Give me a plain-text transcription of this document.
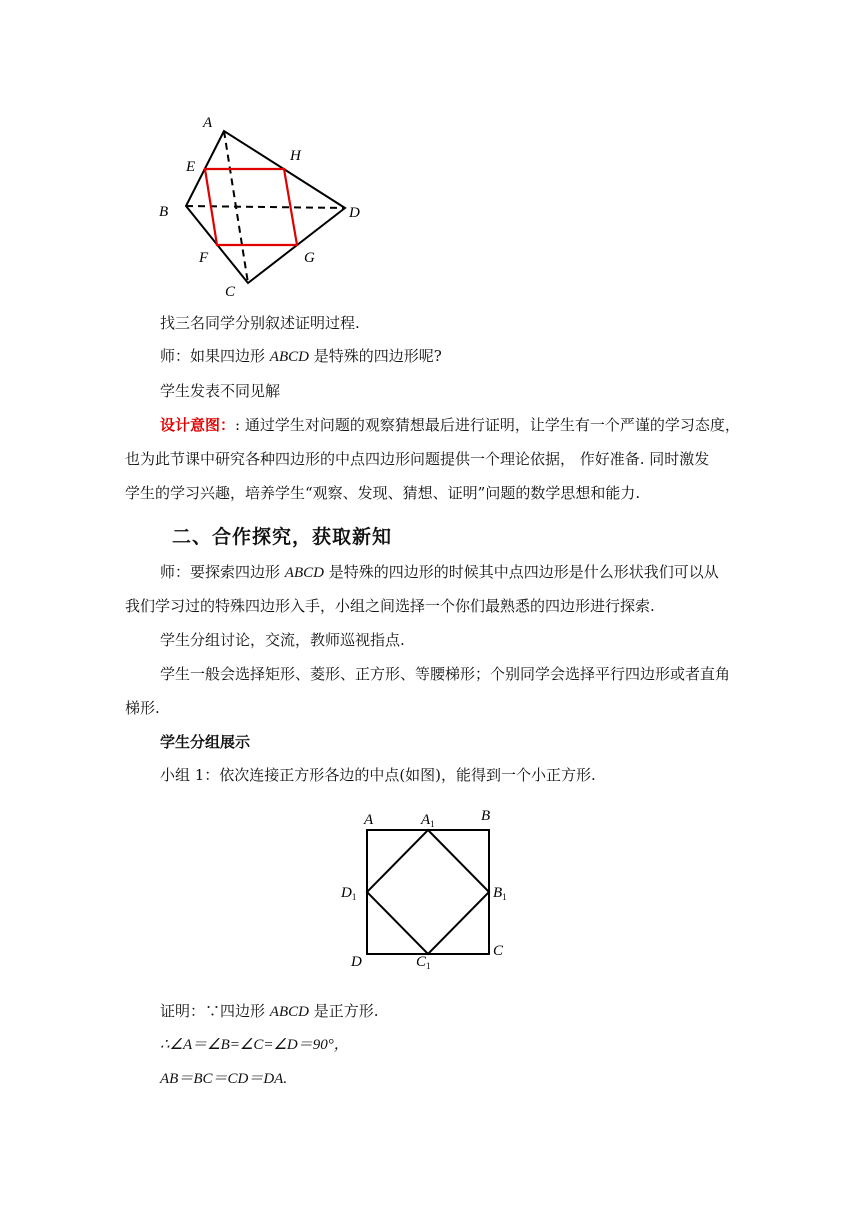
A
E
H
B	D
F	G
C
找三名同学分别叙述证明过程.
师：如果四边形 ABCD 是特殊的四边形呢?
学生发表不同见解
设计意图：: 通过学生对问题的观察猜想最后进行证明，让学生有一个严谨的学习态度，
也为此节课中研究各种四边形的中点四边形问题提供一个理论依据， 作好准备. 同时激发
学生的学习兴趣，培养学生“观察、发现、猜想、证明”问题的数学思想和能力.
二、合作探究，获取新知
师：要探索四边形 ABCD 是特殊的四边形的时候其中点四边形是什么形状我们可以从
我们学习过的特殊四边形入手，小组之间选择一个你们最熟悉的四边形进行探索.
学生分组讨论，交流，教师巡视指点.
学生一般会选择矩形、菱形、正方形、等腰梯形；个别同学会选择平行四边形或者直角
梯形.
学生分组展示
小组 1：依次连接正方形各边的中点(如图)，能得到一个小正方形.
A	$A_1$	B
$D_1$	$B_1$
D	$C_1$
C
证明：∵四边形 ABCD 是正方形.
∴∠A＝∠B=∠C=∠D＝90°，
AB＝BC＝CD＝DA.
